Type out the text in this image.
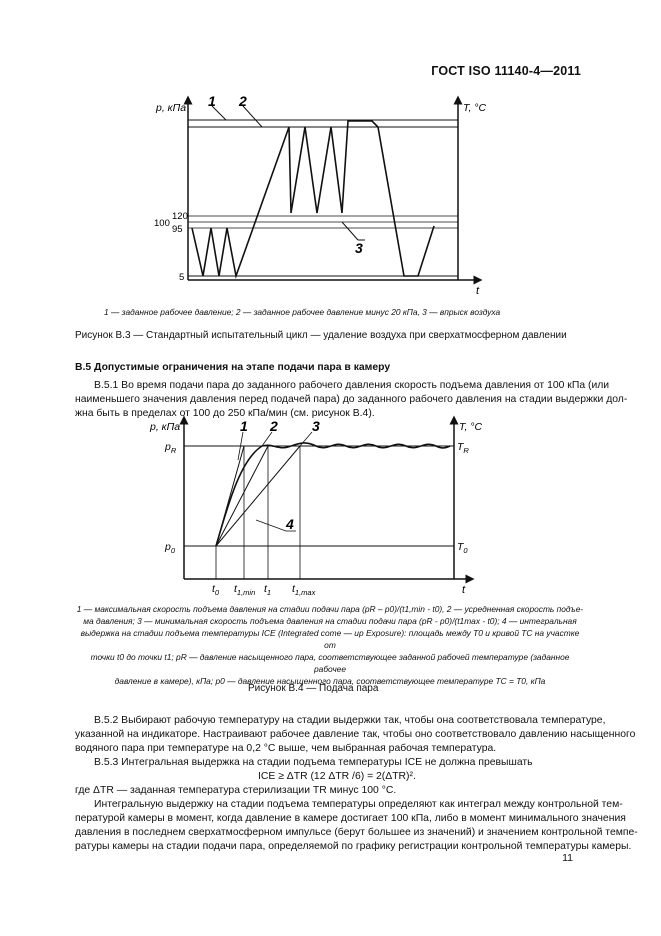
ГОСТ ISO 11140-4—2011
p, кПа	T, °C
t
120
100
95
5
1 2
3
1 — заданное рабочее давление; 2 — заданное рабочее давление минус 20 кПа, 3 — впрыск воздуха
Рисунок В.3 — Стандартный испытательный цикл — удаление воздуха при сверхатмосферном давлении
В.5 Допустимые ограничения на этапе подачи пара в камеру
В.5.1 Во время подачи пара до заданного рабочего давления скорость подъема давления от 100 кПа (или
наименьшего значения давления перед подачей пара) до заданного рабочего давления на стадии выдержки дол-
жна быть в пределах от 100 до 250 кПа/мин (см. рисунок В.4).
p, кПа	T, °C
t
$p_R$
$p_0$
$T_R$
$T_0$
$t_0$ $t_{1,min}$ $t_1$ $t_{1,max}$
1 2 3
4
1 — максимальная скорость подъема давления на стадии подачи пара (pR – p0)/(t1,min - t0), 2 — усредненная скорость подъе-
ма давления; 3 — минимальная скорость подъема давления на стадии подачи пара (pR - p0)/(t1max - t0); 4 — интегральная
выдержка на стадии подъема температуры ICE (Integrated come — up Exposure): площадь между T0 и кривой TC на участке от
точки t0 до точки t1; pR — давление насыщенного пара, соответствующее заданной рабочей температуре (заданное рабочее
давление в камере), кПа; p0 — давление насыщенного пара, соответствующее температуре TC = T0, кПа
Рисунок В.4 — Подача пара
В.5.2 Выбирают рабочую температуру на стадии выдержки так, чтобы она соответствовала температуре,
указанной на индикаторе. Настраивают рабочее давление так, чтобы оно соответствовало давлению насыщенного
водяного пара при температуре на 0,2 °С выше, чем выбранная рабочая температура.
В.5.3 Интегральная выдержка на стадии подъема температуры ICE не должна превышать
ICE ≥ ΔTR (12 ΔTR /6) = 2(ΔTR)².
где ΔTR — заданная температура стерилизации TR минус 100 °С.
Интегральную выдержку на стадии подъема температуры определяют как интеграл между контрольной тем-
пературой камеры в момент, когда давление в камере достигает 100 кПа, либо в момент минимального значения
давления в последнем сверхатмосферном импульсе (берут большее из значений) и значением контрольной темпе-
ратуры камеры на стадии подачи пара, определяемой по графику регистрации контрольной температуры камеры.
11
